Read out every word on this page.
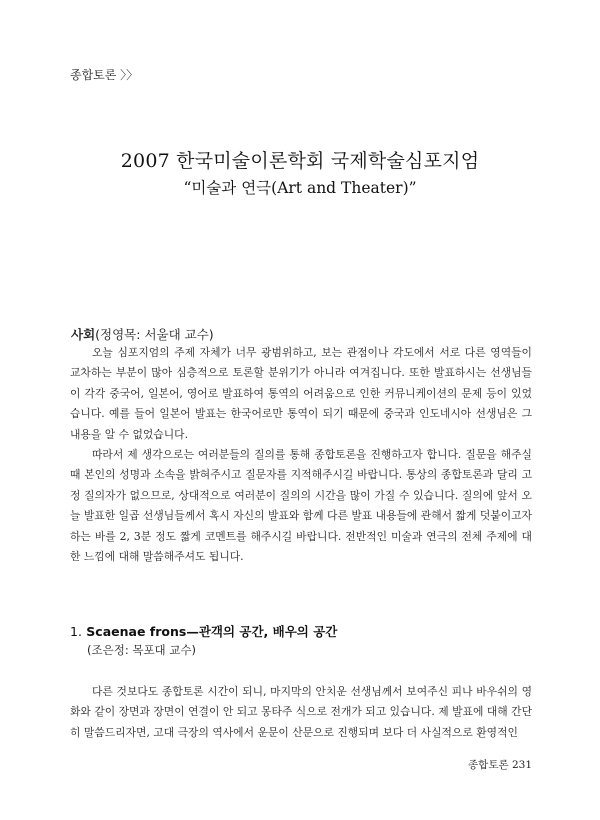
종합토론 〉〉
2007 한국미술이론학회 국제학술심포지엄
“미술과 연극(Art and Theater)”
사회(정영목: 서울대 교수)

오늘 심포지엄의 주제 자체가 너무 광범위하고, 보는 관점이나 각도에서 서로 다른 영역들이 교차하는 부분이 많아 심층적으로 토론할 분위기가 아니라 여겨집니다. 또한 발표하시는 선생님들이 각각 중국어, 일본어, 영어로 발표하여 통역의 어려움으로 인한 커뮤니케이션의 문제 등이 있었습니다. 예를 들어 일본어 발표는 한국어로만 통역이 되기 때문에 중국과 인도네시아 선생님은 그 내용을 알 수 없었습니다.

따라서 제 생각으로는 여러분들의 질의를 통해 종합토론을 진행하고자 합니다. 질문을 해주실 때 본인의 성명과 소속을 밝혀주시고 질문자를 지적해주시길 바랍니다. 통상의 종합토론과 달리 고정 질의자가 없으므로, 상대적으로 여러분이 질의의 시간을 많이 가질 수 있습니다. 질의에 앞서 오늘 발표한 일곱 선생님들께서 혹시 자신의 발표와 함께 다른 발표 내용들에 관해서 짧게 덧붙이고자 하는 바를 2, 3분 정도 짧게 코멘트를 해주시길 바랍니다. 전반적인 미술과 연극의 전체 주제에 대한 느낌에 대해 말씀해주셔도 됩니다.

1. Scaenae frons—관객의 공간, 배우의 공간
(조은정: 목포대 교수)

다른 것보다도 종합토론 시간이 되니, 마지막의 안치운 선생님께서 보여주신 피나 바우쉬의 영화와 같이 장면과 장면이 연결이 안 되고 몽타주 식으로 전개가 되고 있습니다. 제 발표에 대해 간단히 말씀드리자면, 고대 극장의 역사에서 운문이 산문으로 진행되며 보다 더 사실적으로 환영적인

종합토론 231
